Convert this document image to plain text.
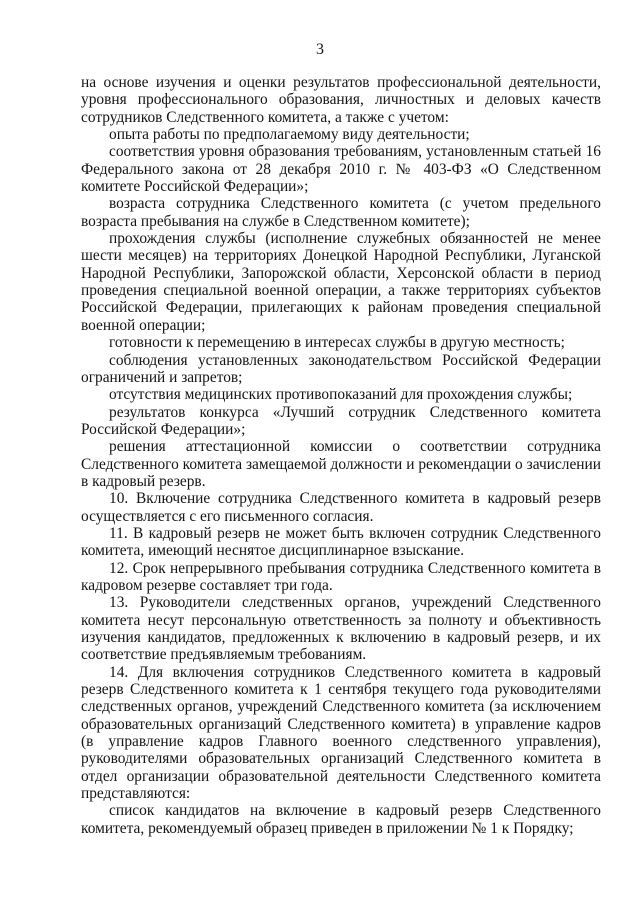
3

на основе изучения и оценки результатов профессиональной деятельности, уровня профессионального образования, личностных и деловых качеств сотрудников Следственного комитета, а также с учетом:

опыта работы по предполагаемому виду деятельности;

соответствия уровня образования требованиям, установленным статьей 16 Федерального закона от 28 декабря 2010 г. № 403-ФЗ «О Следственном комитете Российской Федерации»;

возраста сотрудника Следственного комитета (с учетом предельного возраста пребывания на службе в Следственном комитете);

прохождения службы (исполнение служебных обязанностей не менее шести месяцев) на территориях Донецкой Народной Республики, Луганской Народной Республики, Запорожской области, Херсонской области в период проведения специальной военной операции, а также территориях субъектов Российской Федерации, прилегающих к районам проведения специальной военной операции;

готовности к перемещению в интересах службы в другую местность;

соблюдения установленных законодательством Российской Федерации ограничений и запретов;

отсутствия медицинских противопоказаний для прохождения службы;

результатов конкурса «Лучший сотрудник Следственного комитета Российской Федерации»;

решения аттестационной комиссии о соответствии сотрудника Следственного комитета замещаемой должности и рекомендации о зачислении в кадровый резерв.

10. Включение сотрудника Следственного комитета в кадровый резерв осуществляется с его письменного согласия.

11. В кадровый резерв не может быть включен сотрудник Следственного комитета, имеющий неснятое дисциплинарное взыскание.

12. Срок непрерывного пребывания сотрудника Следственного комитета в кадровом резерве составляет три года.

13. Руководители следственных органов, учреждений Следственного комитета несут персональную ответственность за полноту и объективность изучения кандидатов, предложенных к включению в кадровый резерв, и их соответствие предъявляемым требованиям.

14. Для включения сотрудников Следственного комитета в кадровый резерв Следственного комитета к 1 сентября текущего года руководителями следственных органов, учреждений Следственного комитета (за исключением образовательных организаций Следственного комитета) в управление кадров (в управление кадров Главного военного следственного управления), руководителями образовательных организаций Следственного комитета в отдел организации образовательной деятельности Следственного комитета представляются:

список кандидатов на включение в кадровый резерв Следственного комитета, рекомендуемый образец приведен в приложении № 1 к Порядку;
